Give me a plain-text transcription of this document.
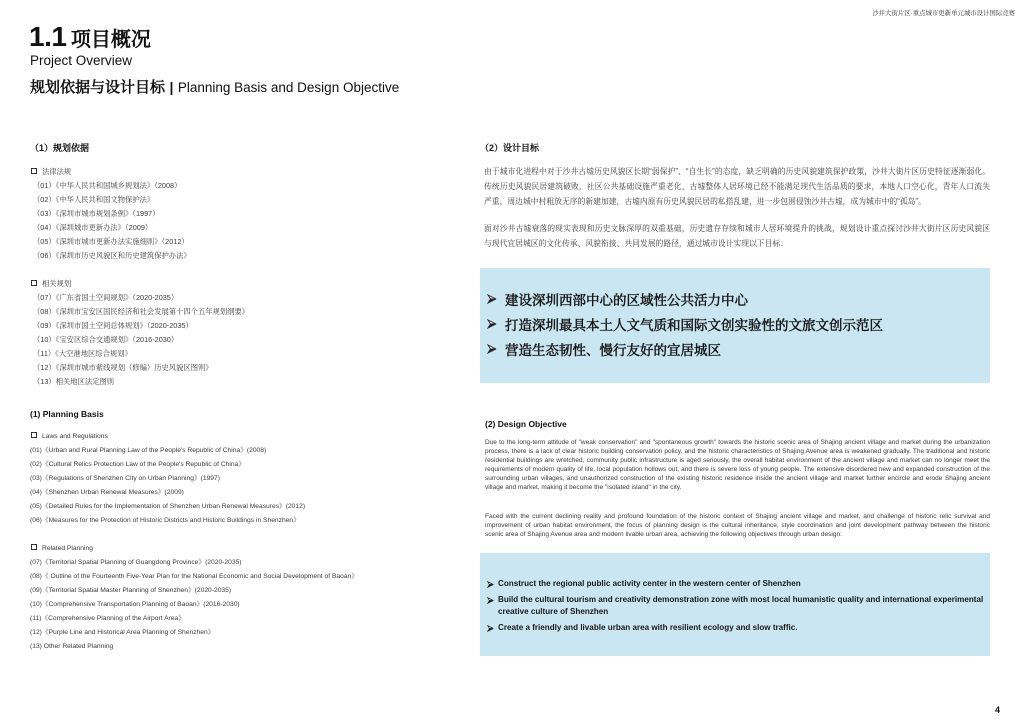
沙井大街片区·重点城市更新单元城市设计国际竞赛
1.1 项目概况
Project Overview
规划依据与设计目标 | Planning Basis and Design Objective
（1）规划依据
法律法规
（01）《中华人民共和国城乡规划法》（2008）
（02）《中华人民共和国文物保护法》
（03）《深圳市城市规划条例》（1997）
（04）《深圳城市更新办法》（2009）
（05）《深圳市城市更新办法实施细则》（2012）
（06）《深圳市历史风貌区和历史建筑保护办法》
相关规划
（07）《广东省国土空间规划》（2020-2035）
（08）《深圳市宝安区国民经济和社会发展第十四个五年规划纲要》
（09）《深圳市国土空间总体规划》（2020-2035）
（10）《宝安区综合交通规划》（2016-2030）
（11）《大空港地区综合规划》
（12）《深圳市城市紫线规划（修编）历史风貌区图则》
（13）相关地区法定图则
(1) Planning Basis
Laws and Regulations
(01)《Urban and Rural Planning Law of the People's Republic of China》(2008)
(02)《Cultural Relics Protection Law of the People's Republic of China》
(03)《Regulations of Shenzhen City on Urban Planning》(1997)
(04)《Shenzhen Urban Renewal Measures》(2009)
(05)《Detailed Rules for the Implementation of Shenzhen Urban Renewal Measures》(2012)
(06)《Measures for the Protection of Historic Districts and Historic Buildings in Shenzhen》
Related Planning
(07)《Territorial Spatial Planning of Guangdong Province》(2020-2035)
(08)《 Outline of the Fourteenth Five-Year Plan for the National Economic and Social Development of Baoan》
(09)《Territorial Spatial Master Planning of Shenzhen》(2020-2035)
(10)《Comprehensive Transportation Planning of Baoan》(2016-2030)
(11)《Comprehensive Planning of the Airport Area》
(12)《Purple Line and Historical Area Planning of Shenzhen》
(13) Other Related Planning
（2）设计目标

由于城市化进程中对于沙井古墟历史风貌区长期“弱保护”、“自生长”的态度，缺乏明确的历史风貌建筑保护政策，沙井大街片区历史特征逐渐弱化。传统历史风貌民居建筑破败，社区公共基础设施严重老化，古墟整体人居环境已经不能满足现代生活品质的要求，本地人口空心化，青年人口流失严重，周边城中村粗放无序的新建加建，古墟内原有历史风貌民居的私搭乱建，进一步包围侵蚀沙井古墟，成为城市中的“孤岛”。

面对沙井古墟衰落的现实表现和历史文脉深厚的双重基础，历史遗存存续和城市人居环境提升的挑战，规划设计重点探讨沙井大街片区历史风貌区与现代宜居城区的文化传承、风貌衔接、共同发展的路径，通过城市设计实现以下目标：

建设深圳西部中心的区域性公共活力中心
打造深圳最具本土人文气质和国际文创实验性的文旅文创示范区
营造生态韧性、慢行友好的宜居城区
(2) Design Objective

Due to the long-term attitude of "weak conservation" and "spontaneous growth" towards the historic scenic area of Shajing ancient village and market during the urbanization process, there is a lack of clear historic building conservation policy, and the historic characteristics of Shajing Avenue area is weakened gradually. The traditional and historic residential buildings are wretched, community public infrastructure is aged seriously, the overall habitat environment of the ancient village and market can no longer meet the requirements of modern quality of life, local population hollows out, and there is severe loss of young people. The extensive disordered new and expanded construction of the surrounding urban villages, and unauthorized construction of the existing historic residence inside the ancient village and market further encircle and erode Shajing ancient village and market, making it become the "isolated island" in the city.

Faced with the current declining reality and profound foundation of the historic context of Shajing ancient village and market, and challenge of historic relic survival and improvement of urban habitat environment, the focus of planning design is the cultural inheritance, style coordination and joint development pathway between the historic scenic area of Shajing Avenue area and modern livable urban area, achieving the following objectives through urban design:

Construct the regional public activity center in the western center of Shenzhen
Build the cultural tourism and creativity demonstration zone with most local humanistic quality and international experimental creative culture of Shenzhen
Create a friendly and livable urban area with resilient ecology and slow traffic.
4
